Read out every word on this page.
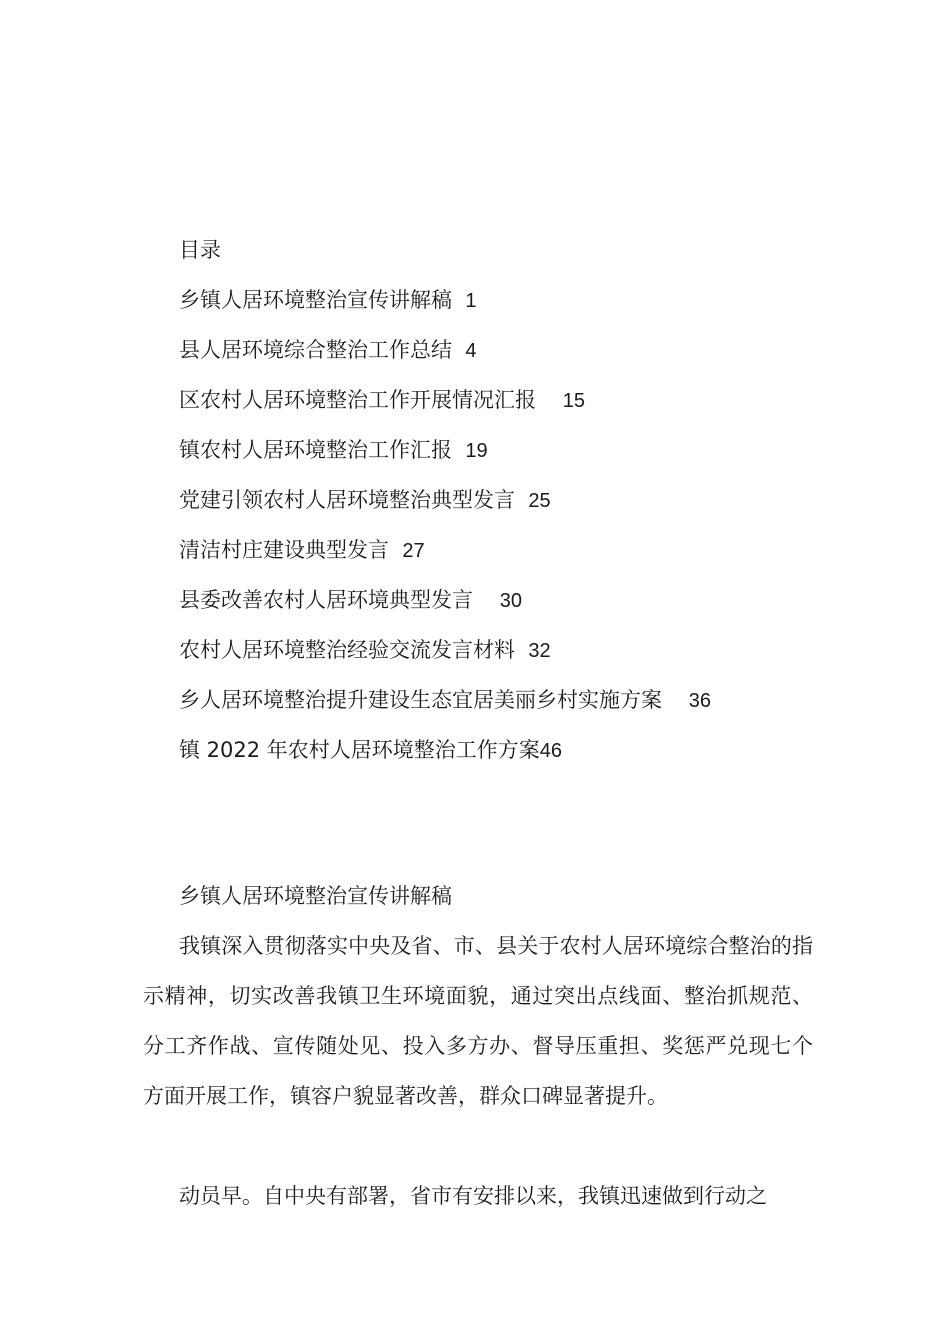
目录
乡镇人居环境整治宣传讲解稿  1
县人居环境综合整治工作总结  4
区农村人居环境整治工作开展情况汇报    15
镇农村人居环境整治工作汇报  19
党建引领农村人居环境整治典型发言  25
清洁村庄建设典型发言  27
县委改善农村人居环境典型发言    30
农村人居环境整治经验交流发言材料  32
乡人居环境整治提升建设生态宜居美丽乡村实施方案    36
镇 2022 年农村人居环境整治工作方案46
乡镇人居环境整治宣传讲解稿

我镇深入贯彻落实中央及省、市、县关于农村人居环境综合整治的指示精神，切实改善我镇卫生环境面貌，通过突出点线面、整治抓规范、分工齐作战、宣传随处见、投入多方办、督导压重担、奖惩严兑现七个方面开展工作，镇容户貌显著改善，群众口碑显著提升。

动员早。自中央有部署，省市有安排以来，我镇迅速做到行动之
